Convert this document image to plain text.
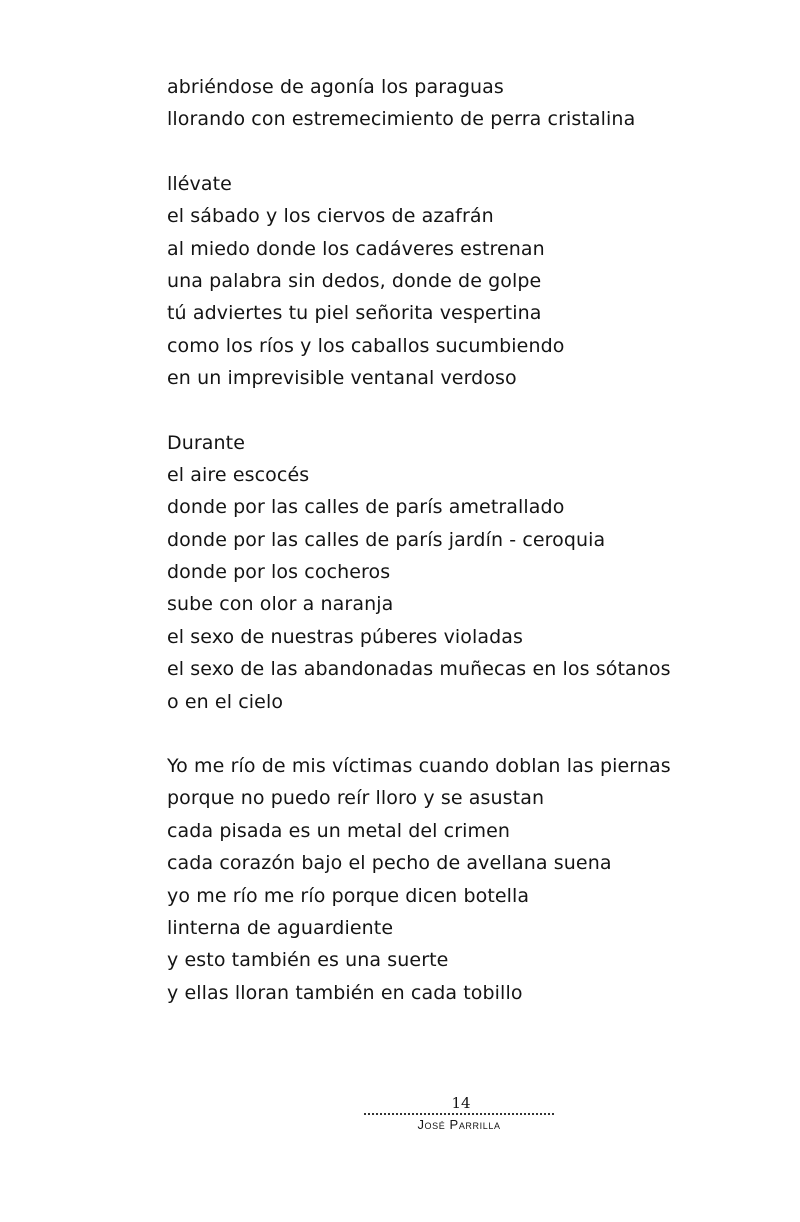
abriéndose de agonía los paraguas
llorando con estremecimiento de perra cristalina
llévate
el sábado y los ciervos de azafrán
al miedo donde los cadáveres estrenan
una palabra sin dedos, donde de golpe
tú adviertes tu piel señorita vespertina
como los ríos y los caballos sucumbiendo
en un imprevisible ventanal verdoso
Durante
el aire escocés
donde por las calles de parís ametrallado
donde por las calles de parís jardín - ceroquia
donde por los cocheros
sube con olor a naranja
el sexo de nuestras púberes violadas
el sexo de las abandonadas muñecas en los sótanos
o en el cielo
Yo me río de mis víctimas cuando doblan las piernas
porque no puedo reír lloro y se asustan
cada pisada es un metal del crimen
cada corazón bajo el pecho de avellana suena
yo me río me río porque dicen botella
linterna de aguardiente
y esto también es una suerte
y ellas lloran también en cada tobillo
14
José Parrilla
